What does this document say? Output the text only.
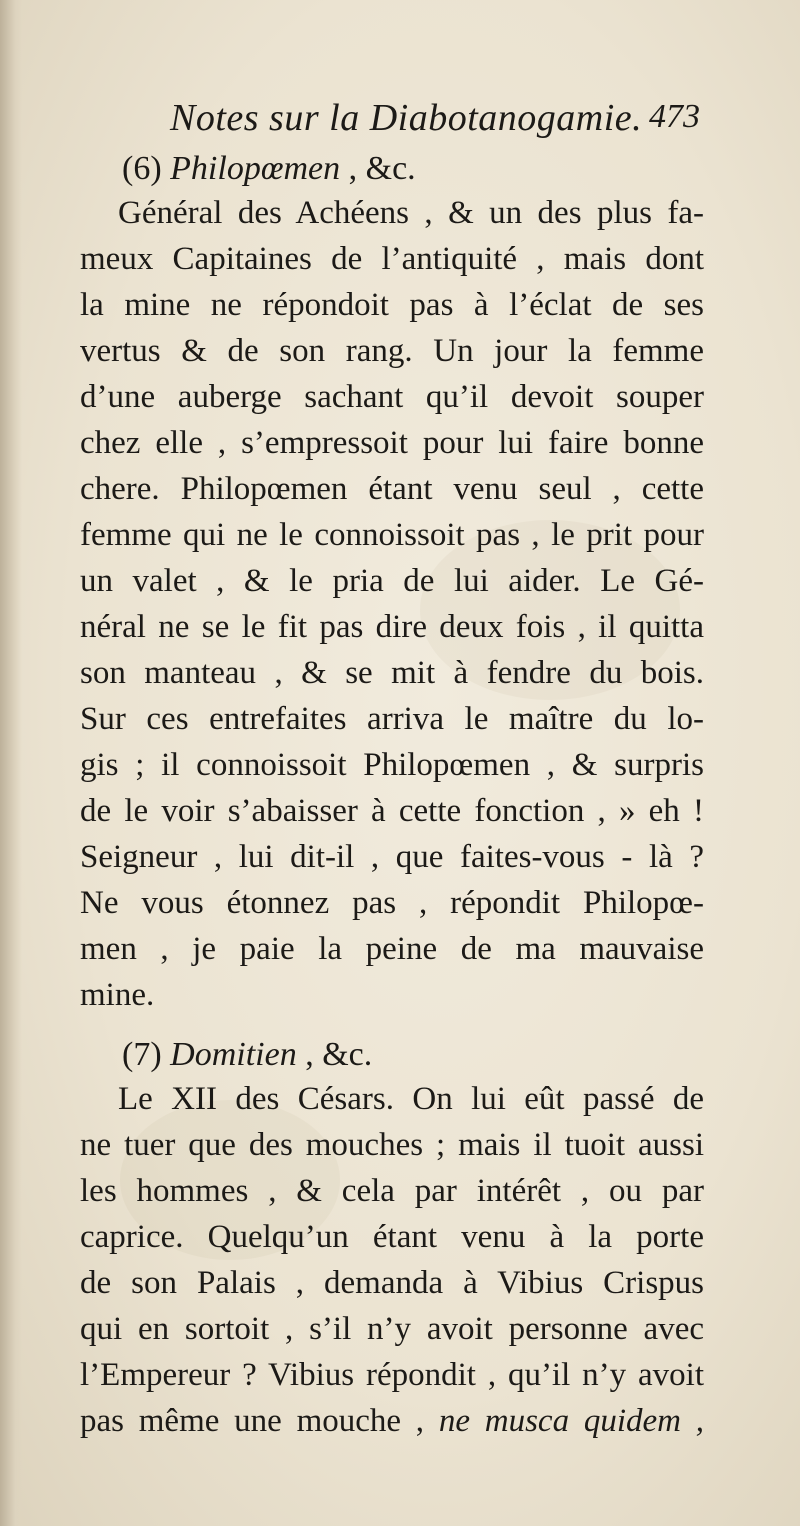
Notes sur la Diabotanogamie. 473
(6) Philopœmen , &c.
Général des Achéens , & un des plus fa-
meux Capitaines de l’antiquité , mais dont
la mine ne répondoit pas à l’éclat de ses
vertus & de son rang. Un jour la femme
d’une auberge sachant qu’il devoit souper
chez elle , s’empressoit pour lui faire bonne
chere. Philopœmen étant venu seul , cette
femme qui ne le connoissoit pas , le prit pour
un valet , & le pria de lui aider. Le Gé-
néral ne se le fit pas dire deux fois , il quitta
son manteau , & se mit à fendre du bois.
Sur ces entrefaites arriva le maître du lo-
gis ; il connoissoit Philopœmen , & surpris
de le voir s’abaisser à cette fonction , » eh !
Seigneur , lui dit-il , que faites-vous - là ?
Ne vous étonnez pas , répondit Philopœ-
men , je paie la peine de ma mauvaise
mine.
(7) Domitien , &c.
Le XII des Césars. On lui eût passé de
ne tuer que des mouches ; mais il tuoit aussi
les hommes , & cela par intérêt , ou par
caprice. Quelqu’un étant venu à la porte
de son Palais , demanda à Vibius Crispus
qui en sortoit , s’il n’y avoit personne avec
l’Empereur ? Vibius répondit , qu’il n’y avoit
pas même une mouche , ne musca quidem ,
